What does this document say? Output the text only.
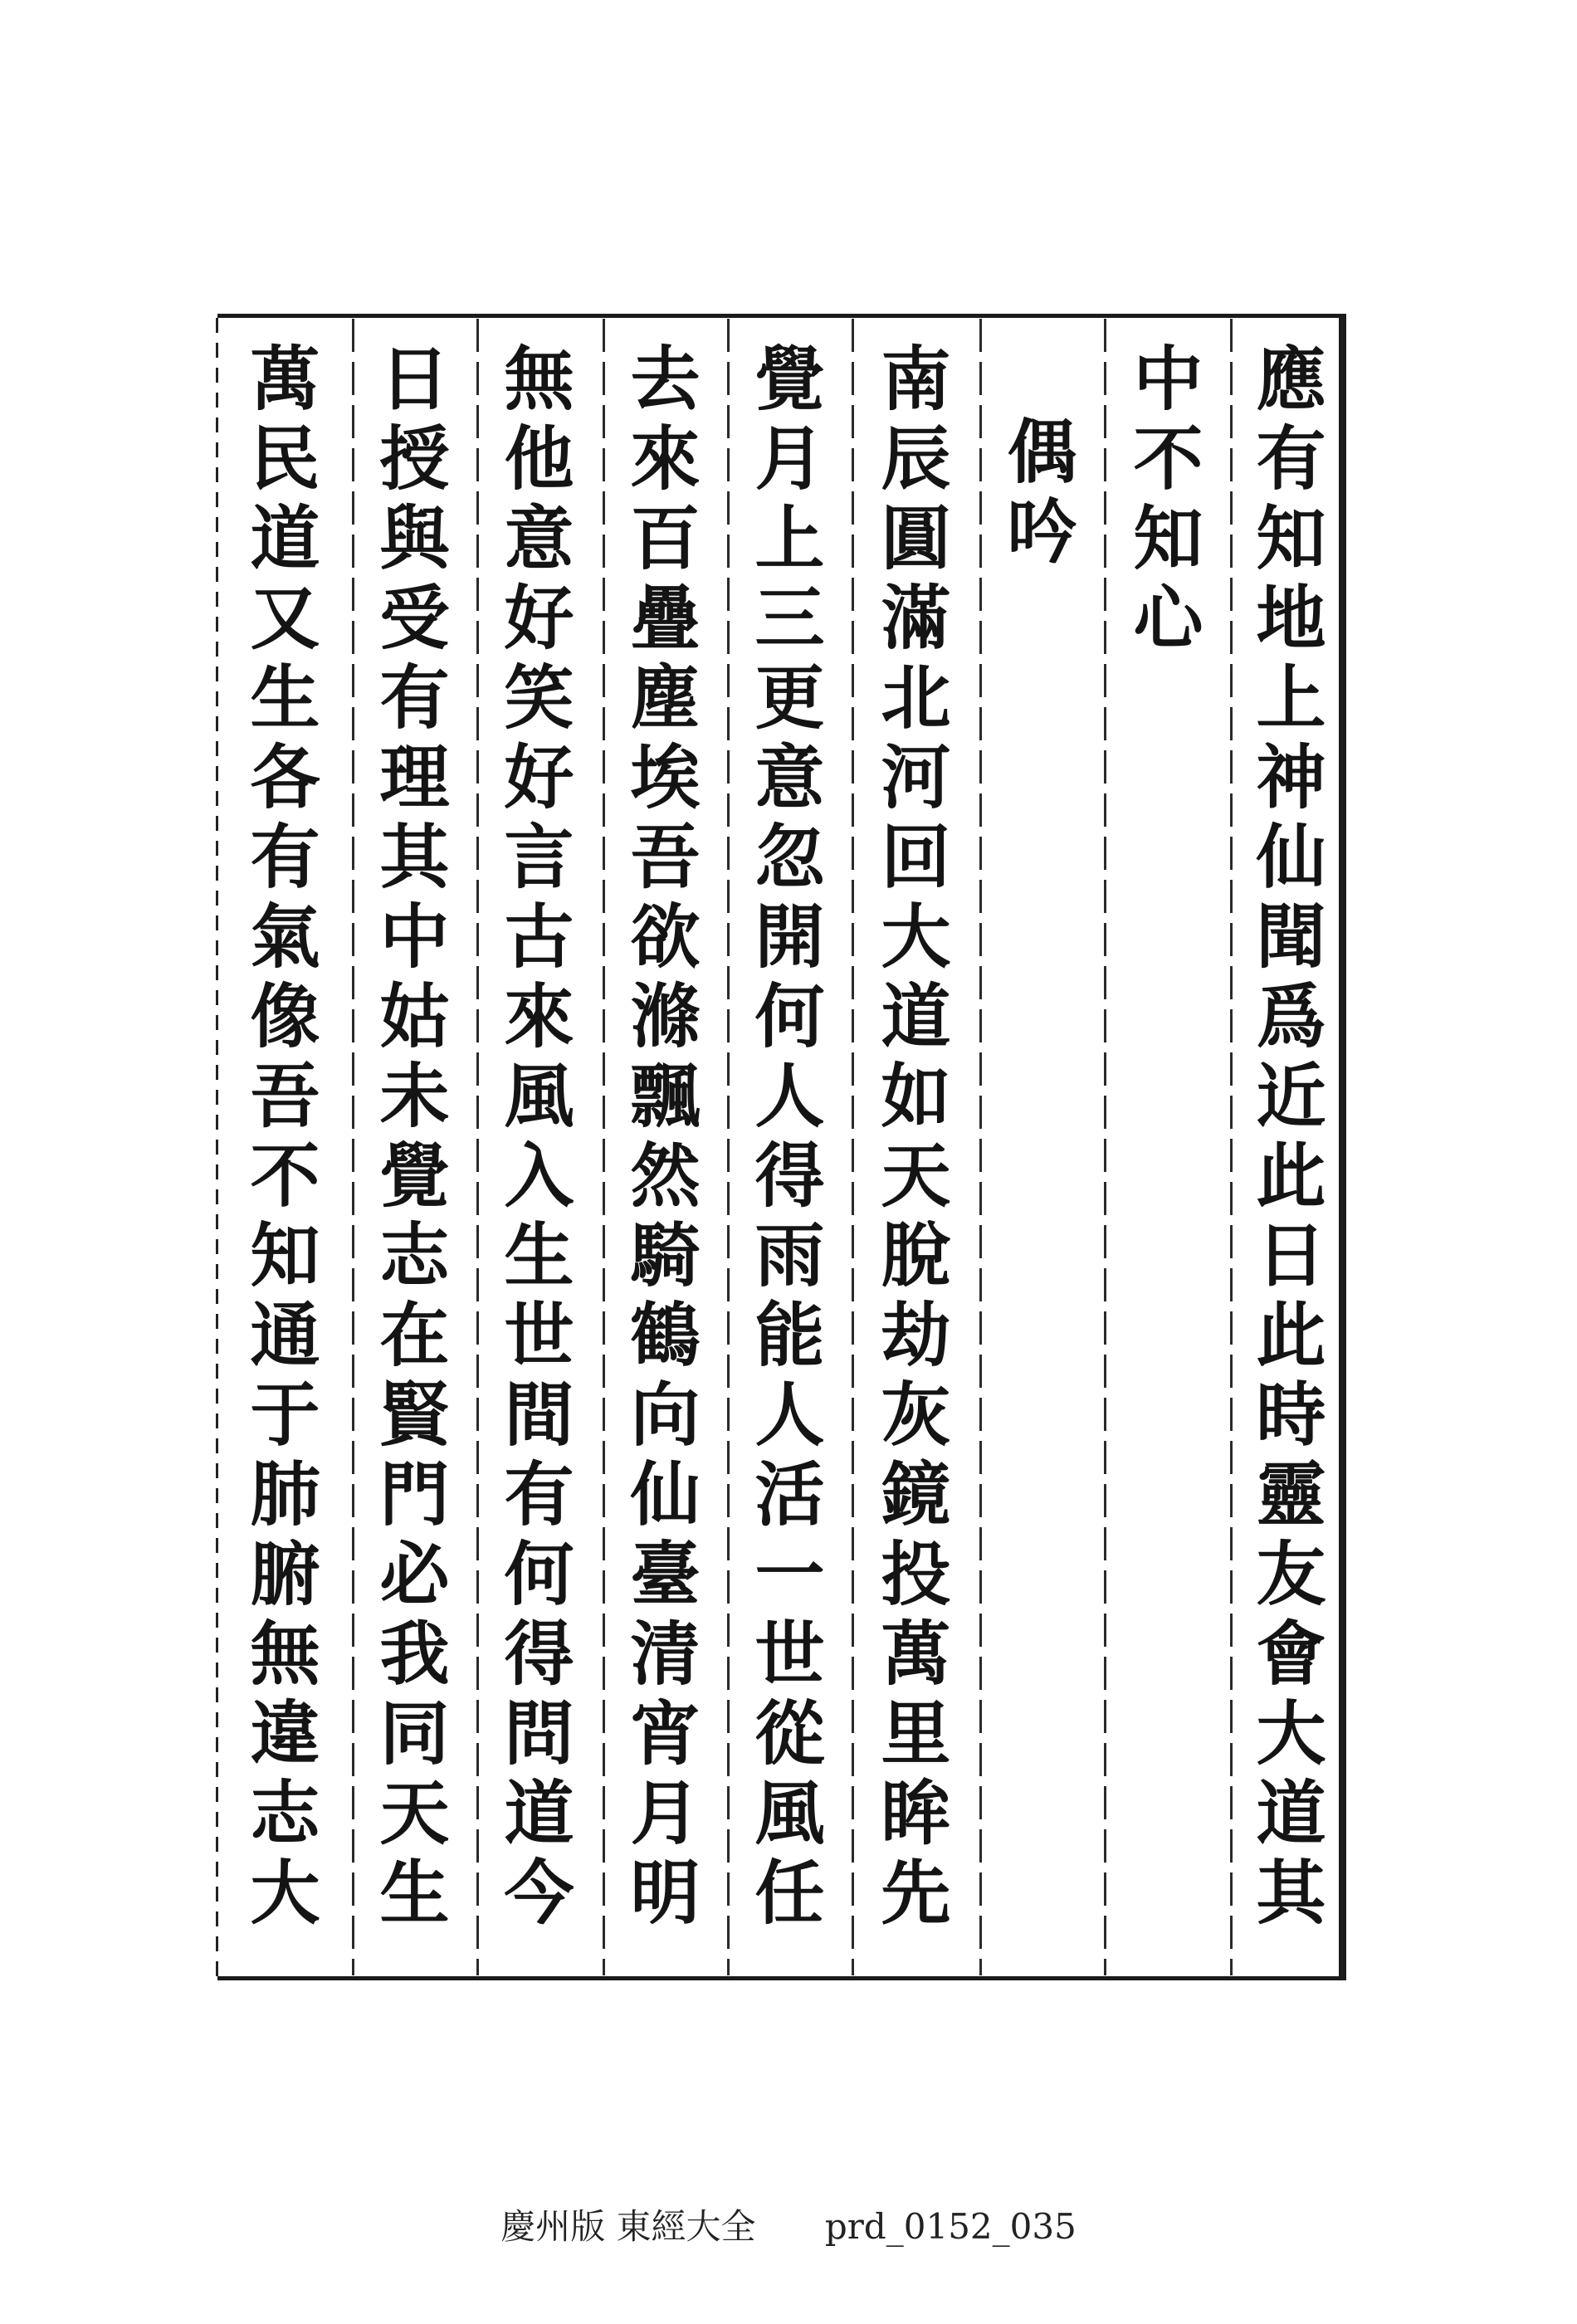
應有知地上神仙聞爲近此日此時靈友會大道其
中不知心
偶吟
南辰圓滿北河回大道如天脫劫灰鏡投萬里眸先
覺月上三更意忽開何人得雨能人活一世從風任
去來百疊塵埃吾欲滌飄然騎鶴向仙臺清宵月明
無他意好笑好言古來風入生世間有何得問道今
日授與受有理其中姑未覺志在賢門必我同天生
萬民道又生各有氣像吾不知通于肺腑無違志大
慶州版 東經大全 prd_0152_035
